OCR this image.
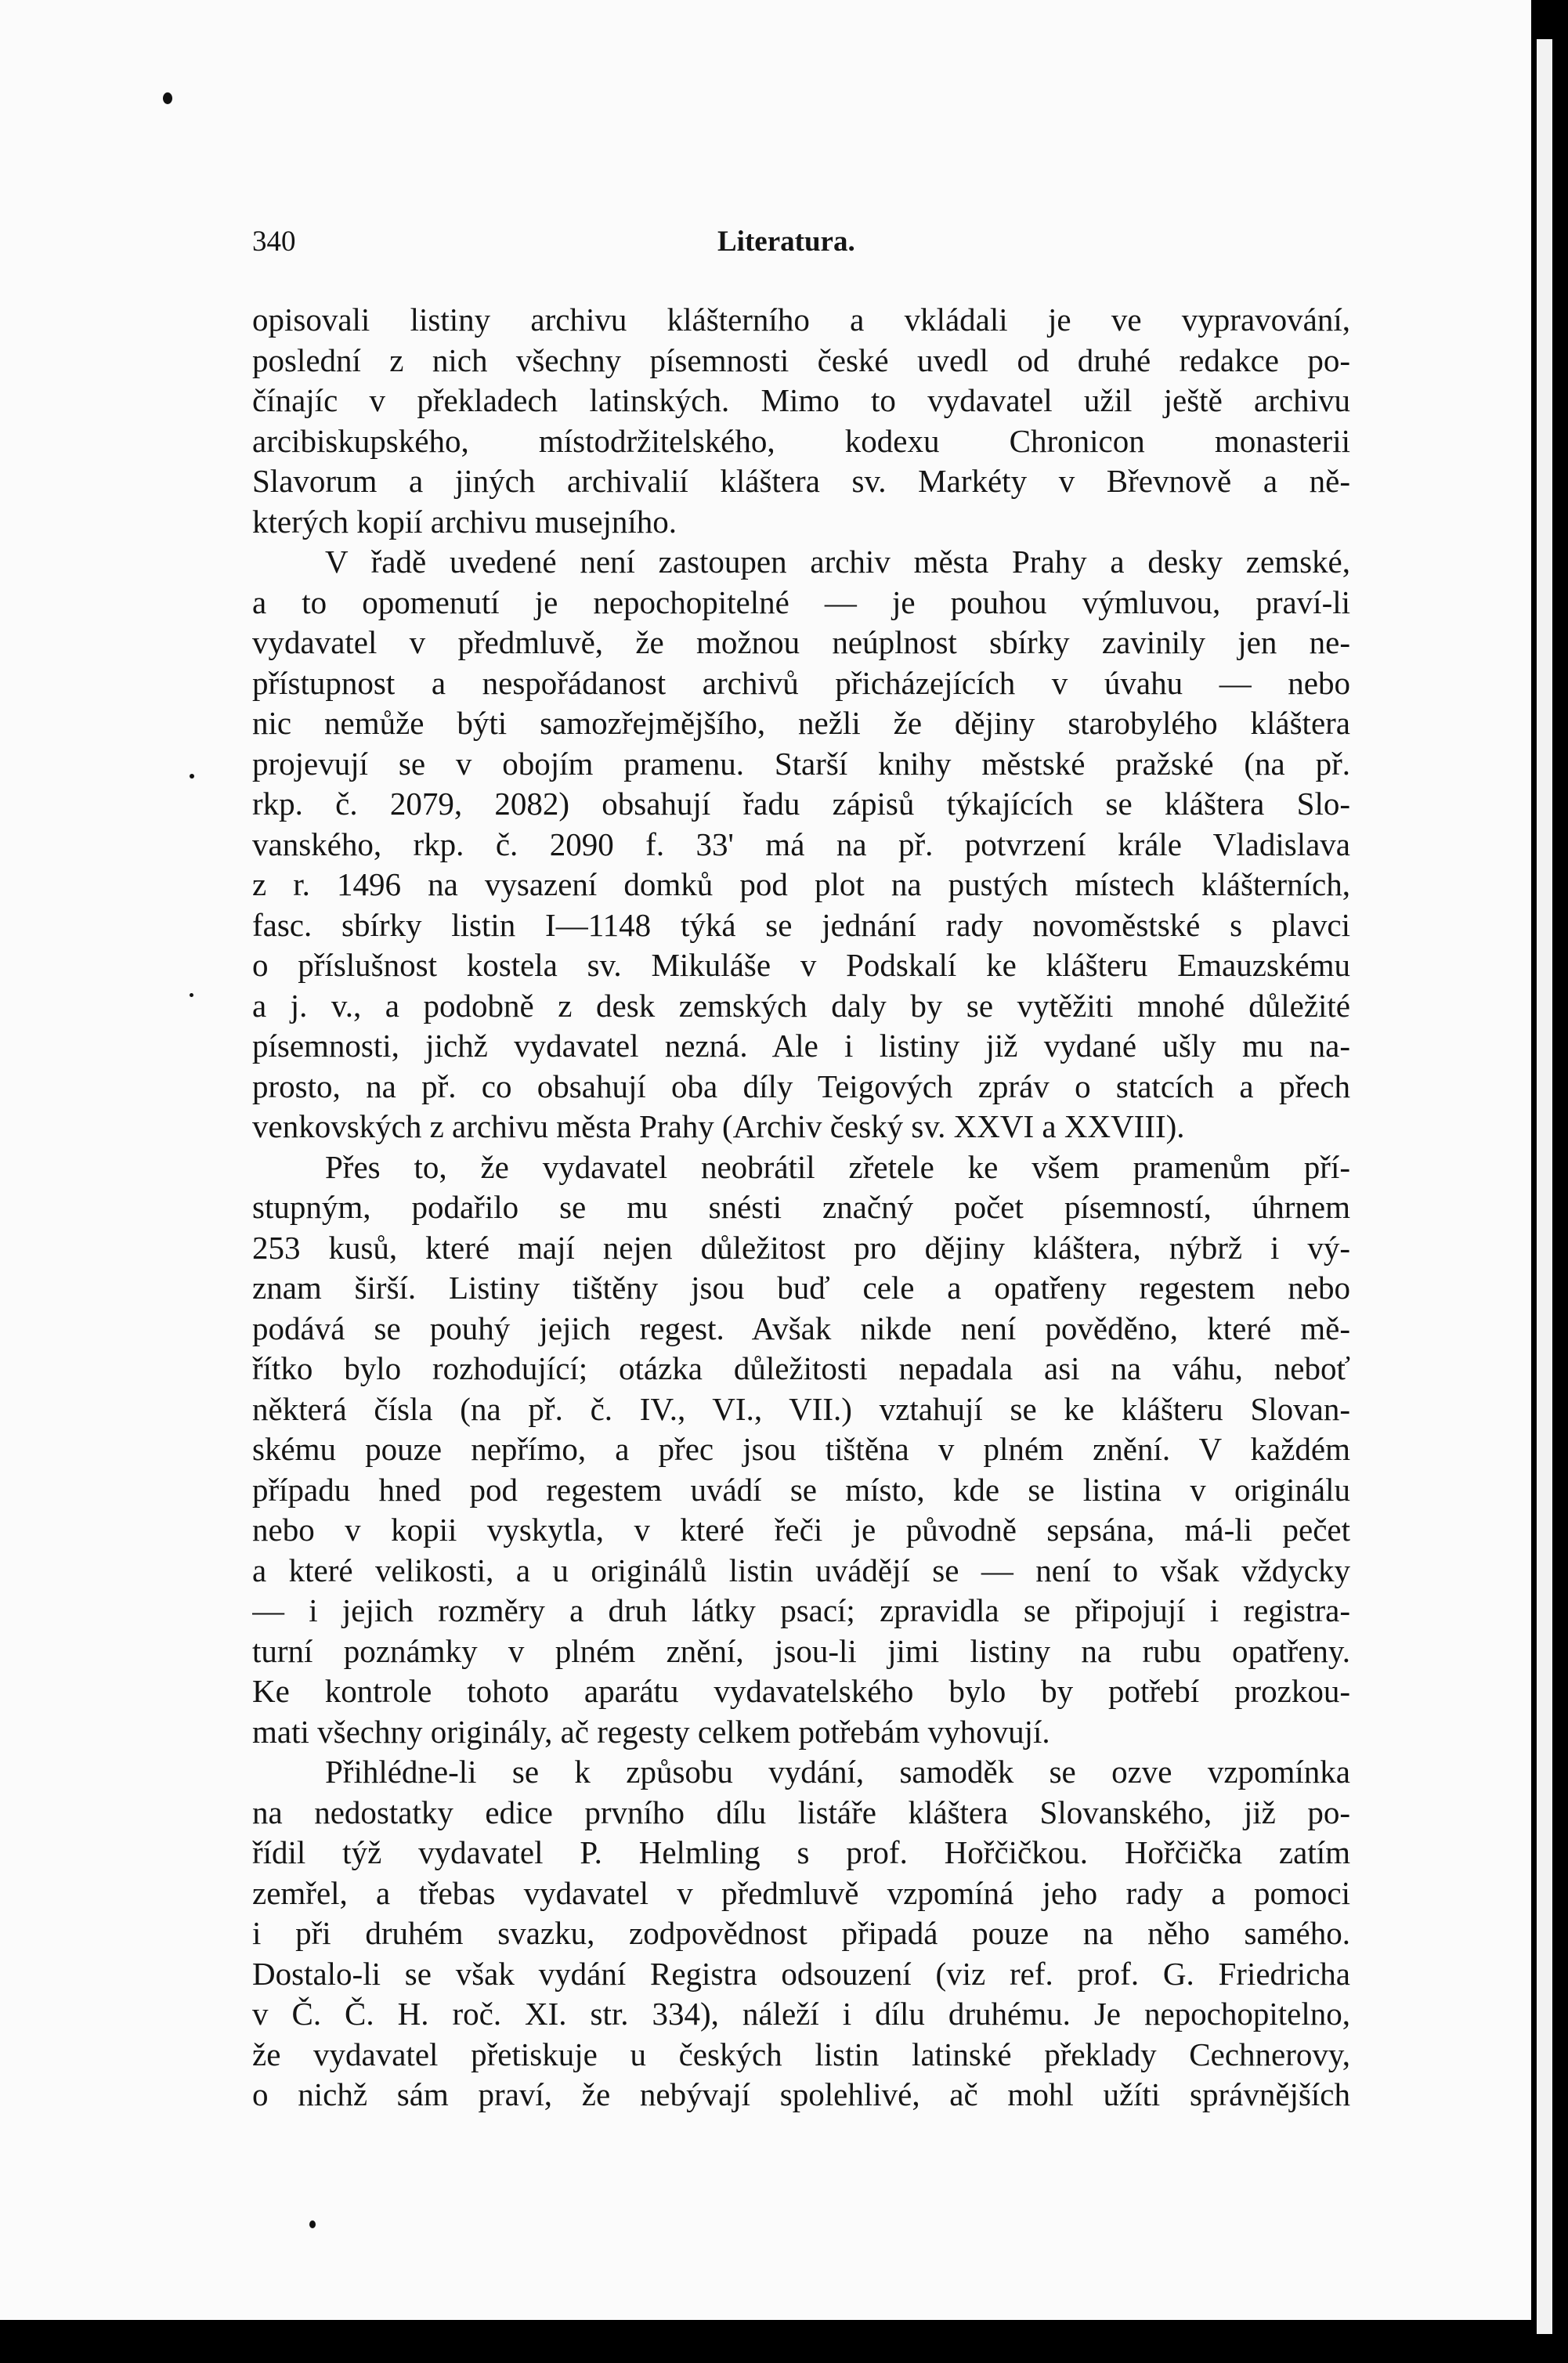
340	Literatura.
opisovali listiny archivu klášterního a vkládali je ve vypravování,
poslední z nich všechny písemnosti české uvedl od druhé redakce po-
čínajíc v překladech latinských. Mimo to vydavatel užil ještě archivu
arcibiskupského, místodržitelského, kodexu Chronicon monasterii
Slavorum a jiných archivalií kláštera sv. Markéty v Břevnově a ně-
kterých kopií archivu musejního.
V řadě uvedené není zastoupen archiv města Prahy a desky zemské,
a to opomenutí je nepochopitelné — je pouhou výmluvou, praví-li
vydavatel v předmluvě, že možnou neúplnost sbírky zavinily jen ne-
přístupnost a nespořádanost archivů přicházejících v úvahu — nebo
nic nemůže býti samozřejmějšího, nežli že dějiny starobylého kláštera
projevují se v obojím pramenu. Starší knihy městské pražské (na př.
rkp. č. 2079, 2082) obsahují řadu zápisů týkajících se kláštera Slo-
vanského, rkp. č. 2090 f. 33' má na př. potvrzení krále Vladislava
z r. 1496 na vysazení domků pod plot na pustých místech klášterních,
fasc. sbírky listin I—1148 týká se jednání rady novoměstské s plavci
o příslušnost kostela sv. Mikuláše v Podskalí ke klášteru Emauzskému
a j. v., a podobně z desk zemských daly by se vytěžiti mnohé důležité
písemnosti, jichž vydavatel nezná. Ale i listiny již vydané ušly mu na-
prosto, na př. co obsahují oba díly Teigových zpráv o statcích a přech
venkovských z archivu města Prahy (Archiv český sv. XXVI a XXVIII).
Přes to, že vydavatel neobrátil zřetele ke všem pramenům pří-
stupným, podařilo se mu snésti značný počet písemností, úhrnem
253 kusů, které mají nejen důležitost pro dějiny kláštera, nýbrž i vý-
znam širší. Listiny tištěny jsou buď cele a opatřeny regestem nebo
podává se pouhý jejich regest. Avšak nikde není pověděno, které mě-
řítko bylo rozhodující; otázka důležitosti nepadala asi na váhu, neboť
některá čísla (na př. č. IV., VI., VII.) vztahují se ke klášteru Slovan-
skému pouze nepřímo, a přec jsou tištěna v plném znění. V každém
případu hned pod regestem uvádí se místo, kde se listina v originálu
nebo v kopii vyskytla, v které řeči je původně sepsána, má-li pečet
a které velikosti, a u originálů listin uvádějí se — není to však vždycky
— i jejich rozměry a druh látky psací; zpravidla se připojují i registra-
turní poznámky v plném znění, jsou-li jimi listiny na rubu opatřeny.
Ke kontrole tohoto aparátu vydavatelského bylo by potřebí prozkou-
mati všechny originály, ač regesty celkem potřebám vyhovují.
Přihlédne-li se k způsobu vydání, samoděk se ozve vzpomínka
na nedostatky edice prvního dílu listáře kláštera Slovanského, již po-
řídil týž vydavatel P. Helmling s prof. Hořčičkou. Hořčička zatím
zemřel, a třebas vydavatel v předmluvě vzpomíná jeho rady a pomoci
i při druhém svazku, zodpovědnost připadá pouze na něho samého.
Dostalo-li se však vydání Registra odsouzení (viz ref. prof. G. Friedricha
v Č. Č. H. roč. XI. str. 334), náleží i dílu druhému. Je nepochopitelno,
že vydavatel přetiskuje u českých listin latinské překlady Cechnerovy,
o nichž sám praví, že nebývají spolehlivé, ač mohl užíti správnějších
